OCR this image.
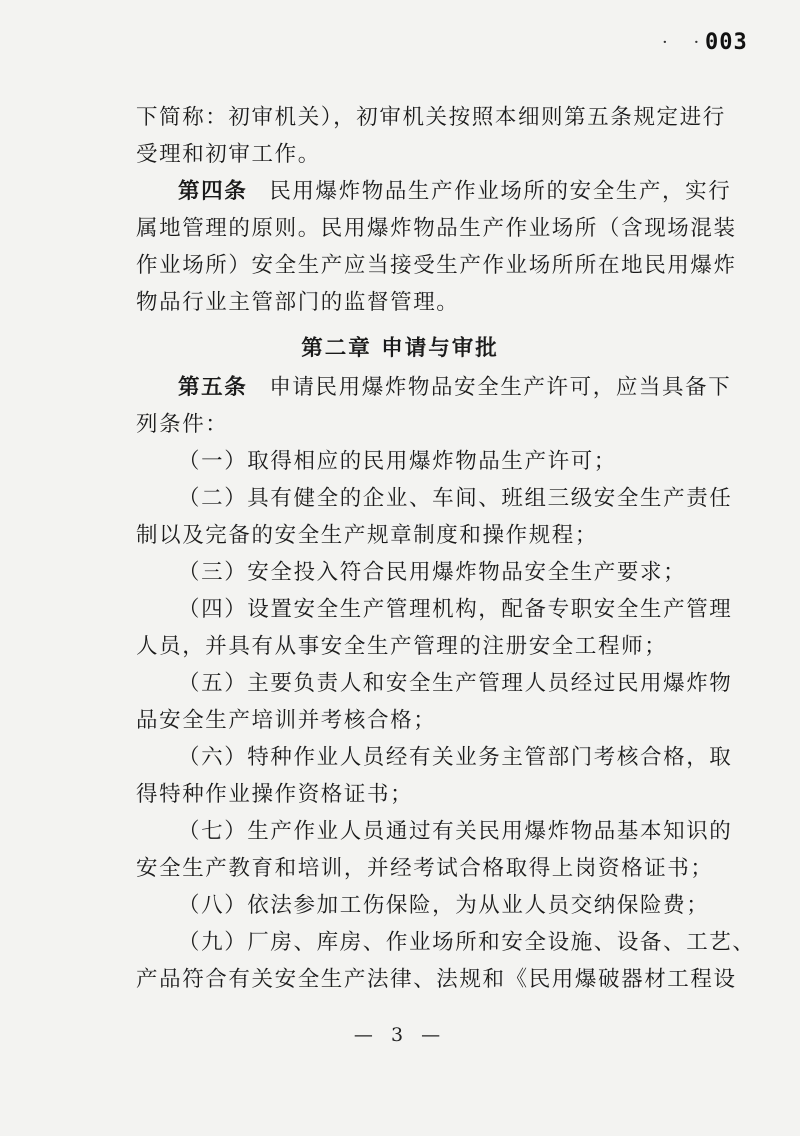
· ·
003
下简称：初审机关），初审机关按照本细则第五条规定进行
受理和初审工作。
第四条 民用爆炸物品生产作业场所的安全生产，实行
属地管理的原则。民用爆炸物品生产作业场所（含现场混装
作业场所）安全生产应当接受生产作业场所所在地民用爆炸
物品行业主管部门的监督管理。
第二章 申请与审批
第五条 申请民用爆炸物品安全生产许可，应当具备下
列条件：
（一）取得相应的民用爆炸物品生产许可；
（二）具有健全的企业、车间、班组三级安全生产责任
制以及完备的安全生产规章制度和操作规程；
（三）安全投入符合民用爆炸物品安全生产要求；
（四）设置安全生产管理机构，配备专职安全生产管理
人员，并具有从事安全生产管理的注册安全工程师；
（五）主要负责人和安全生产管理人员经过民用爆炸物
品安全生产培训并考核合格；
（六）特种作业人员经有关业务主管部门考核合格，取
得特种作业操作资格证书；
（七）生产作业人员通过有关民用爆炸物品基本知识的
安全生产教育和培训，并经考试合格取得上岗资格证书；
（八）依法参加工伤保险，为从业人员交纳保险费；
（九）厂房、库房、作业场所和安全设施、设备、工艺、
产品符合有关安全生产法律、法规和《民用爆破器材工程设
— 3 —
